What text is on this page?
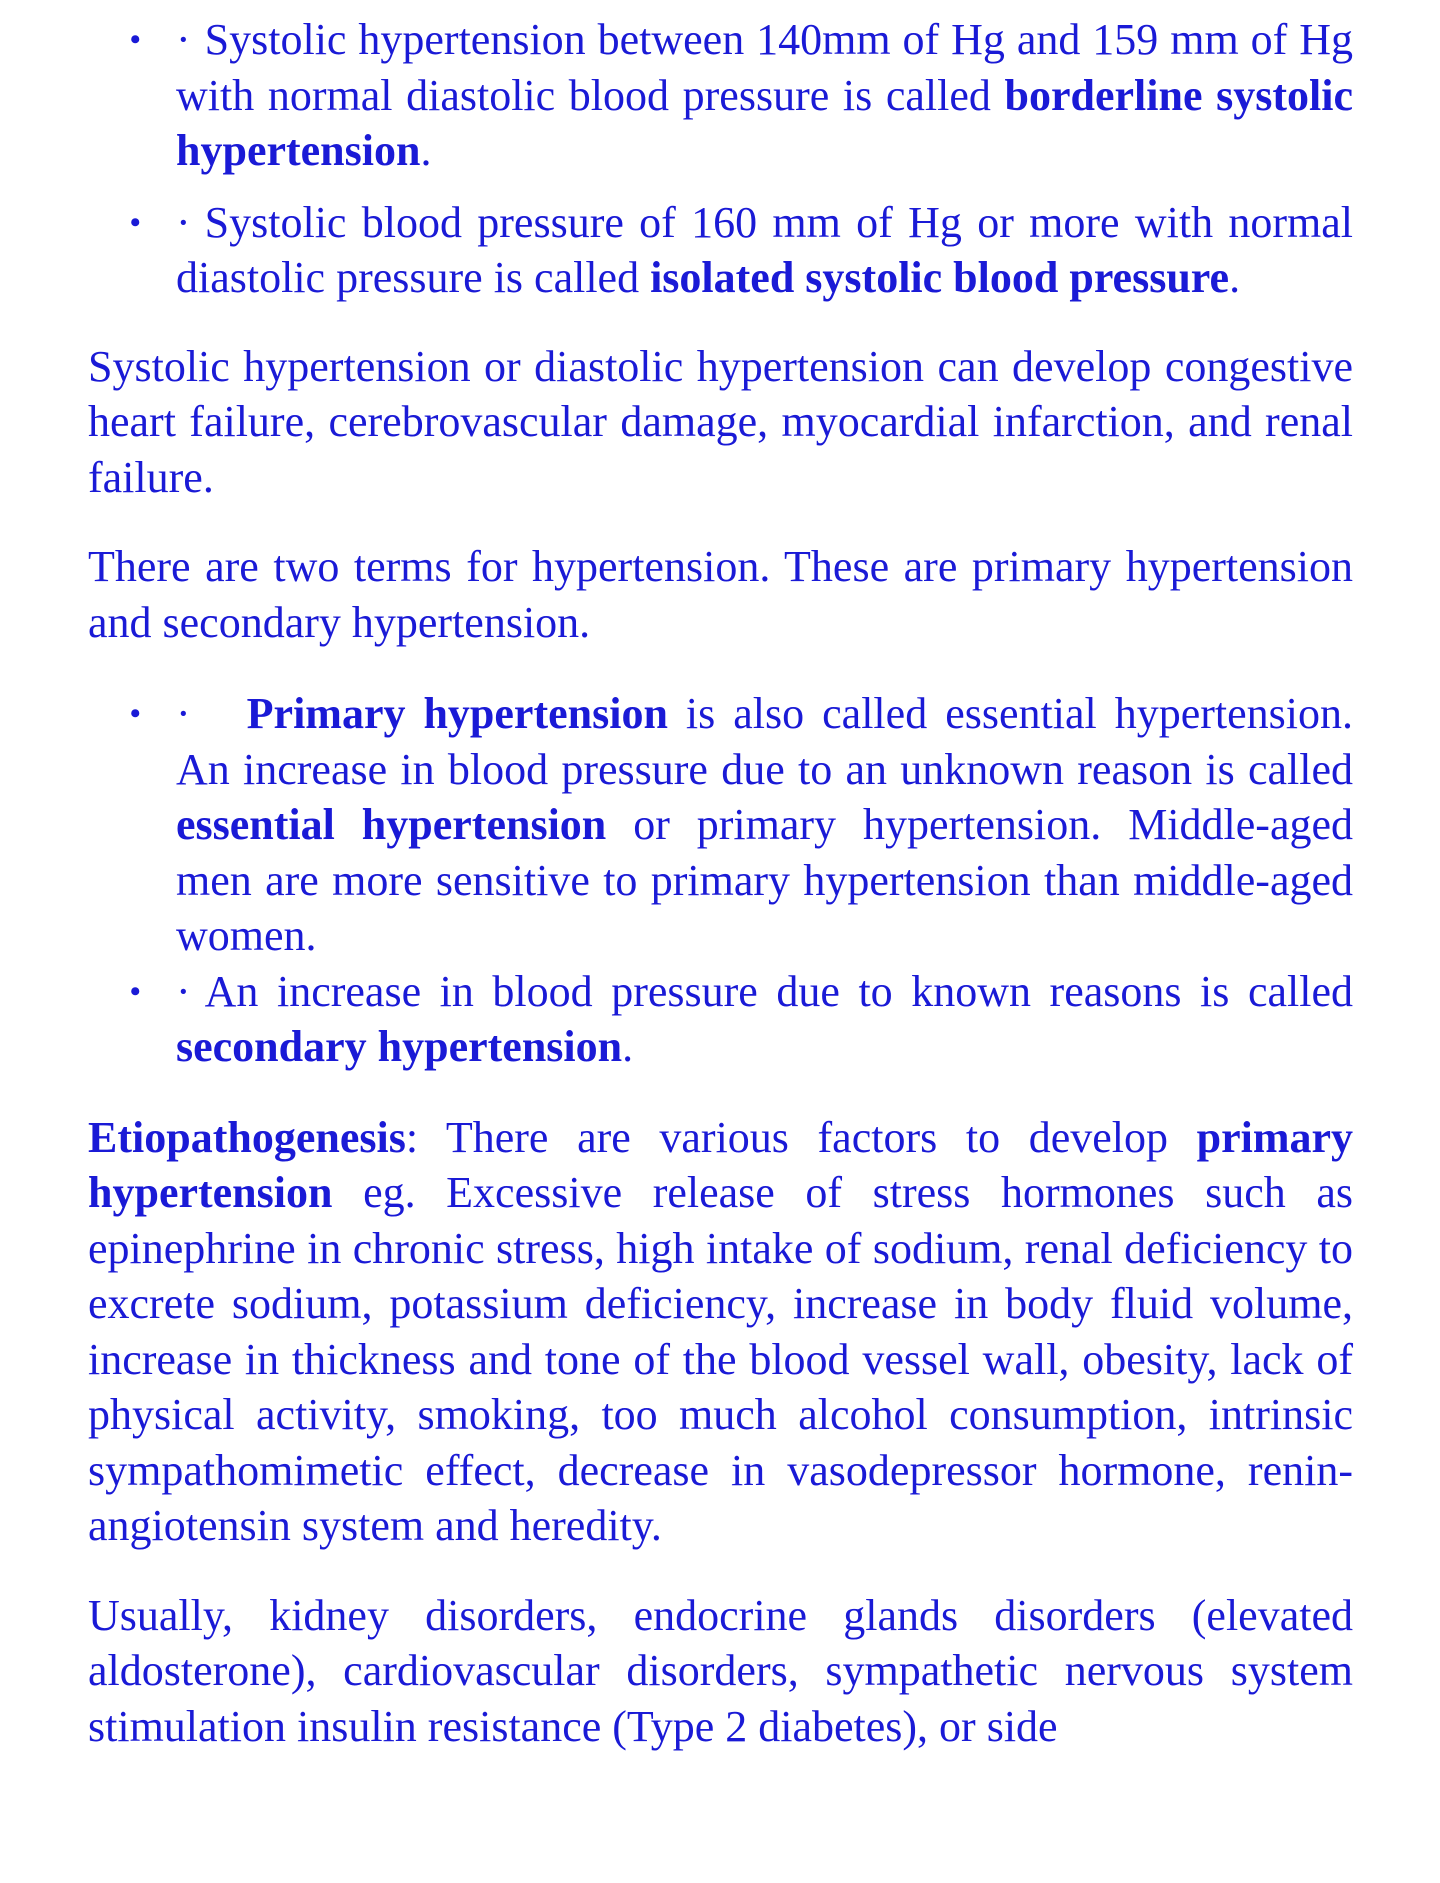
• · Systolic hypertension between 140mm of Hg and 159 mm of Hg with normal diastolic blood pressure is called borderline systolic hypertension.
• · Systolic blood pressure of 160 mm of Hg or more with normal diastolic pressure is called isolated systolic blood pressure.

Systolic hypertension or diastolic hypertension can develop congestive heart failure, cerebrovascular damage, myocardial infarction, and renal failure.

There are two terms for hypertension. These are primary hypertension and secondary hypertension.

• · Primary hypertension is also called essential hypertension. An increase in blood pressure due to an unknown reason is called essential hypertension or primary hypertension. Middle-aged men are more sensitive to primary hypertension than middle-aged women.
• · An increase in blood pressure due to known reasons is called secondary hypertension.

Etiopathogenesis: There are various factors to develop primary hypertension eg. Excessive release of stress hormones such as epinephrine in chronic stress, high intake of sodium, renal deficiency to excrete sodium, potassium deficiency, increase in body fluid volume, increase in thickness and tone of the blood vessel wall, obesity, lack of physical activity, smoking, too much alcohol consumption, intrinsic sympathomimetic effect, decrease in vasodepressor hormone, renin-angiotensin system and heredity.

Usually, kidney disorders, endocrine glands disorders (elevated aldosterone), cardiovascular disorders, sympathetic nervous system stimulation insulin resistance (Type 2 diabetes), or side
